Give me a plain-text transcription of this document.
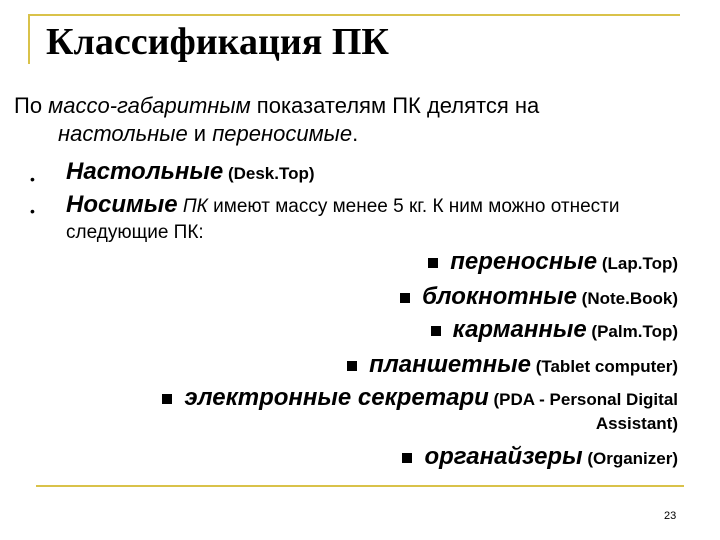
Классификация ПК
По массо-габаритным показателям ПК делятся на
настольные и переносимые.
• Настольные (Desk.Top)
• Носимые ПК имеют массу менее 5 кг. К ним можно отнести
следующие ПК:
переносные (Lap.Top)
блокнотные (Note.Book)
карманные (Palm.Top)
планшетные (Tablet computer)
электронные секретари (PDA - Personal Digital
Assistant)
органайзеры (Organizer)
23
